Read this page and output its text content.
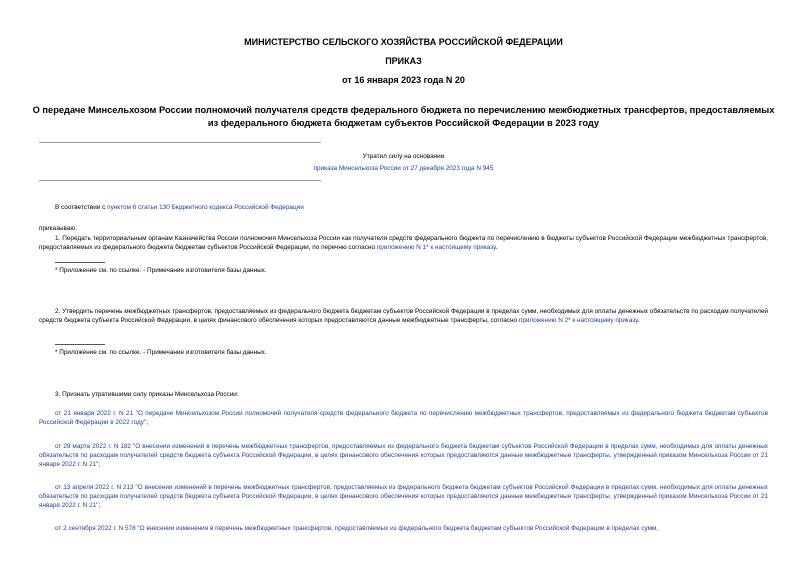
МИНИСТЕРСТВО СЕЛЬСКОГО ХОЗЯЙСТВА РОССИЙСКОЙ ФЕДЕРАЦИИ
ПРИКАЗ
от 16 января 2023 года N 20
О передаче Минсельхозом России полномочий получателя средств федерального бюджета по перечислению межбюджетных трансфертов, предоставляемых из федерального бюджета бюджетам субъектов Российской Федерации в 2023 году
Утратил силу на основании
приказа Минсельхоза России от 27 декабря 2023 года N 945
В соответствии с пунктом 6 статьи 130 Бюджетного кодекса Российской Федерации
приказываю:
1. Передать территориальным органам Казначейства России полномочия Минсельхоза России как получателя средств федерального бюджета по перечислению в бюджеты субъектов Российской Федерации межбюджетных трансфертов, предоставляемых из федерального бюджета бюджетам субъектов Российской Федерации, по перечню согласно приложению N 1* к настоящему приказу.
* Приложение см. по ссылке. - Примечание изготовителя базы данных.
2. Утвердить перечень межбюджетных трансфертов, предоставляемых из федерального бюджета бюджетам субъектов Российской Федерации в пределах сумм, необходимых для оплаты денежных обязательств по расходам получателей средств бюджета субъекта Российской Федерации, в целях финансового обеспечения которых предоставляются данные межбюджетные трансферты, согласно приложению N 2* к настоящему приказу.
* Приложение см. по ссылке. - Примечание изготовителя базы данных.
3. Признать утратившими силу приказы Минсельхоза России:
от 21 января 2022 г. N 21 "О передаче Минсельхозом России полномочий получателя средств федерального бюджета по перечислению межбюджетных трансфертов, предоставляемых из федерального бюджета бюджетам субъектов Российской Федерации в 2022 году";
от 29 марта 2022 г. N 182 "О внесении изменений в перечень межбюджетных трансфертов, предоставляемых из федерального бюджета бюджетам субъектов Российской Федерации в пределах сумм, необходимых для оплаты денежных обязательств по расходам получателей средств бюджета субъекта Российской Федерации, в целях финансового обеспечения которых предоставляются данные межбюджетные трансферты, утвержденный приказом Минсельхоза России от 21 января 2022 г. N 21";
от 13 апреля 2022 г. N 213 "О внесении изменений в перечень межбюджетных трансфертов, предоставляемых из федерального бюджета бюджетам субъектов Российской Федерации в пределах сумм, необходимых для оплаты денежных обязательств по расходам получателей средств бюджета субъекта Российской Федерации, в целях финансового обеспечения которых предоставляются данные межбюджетные трансферты, утвержденный приказом Минсельхоза России от 21 января 2022 г. N 21";
от 2 сентября 2022 г. N 578 "О внесении изменения в перечень межбюджетных трансфертов, предоставляемых из федерального бюджета бюджетам субъектов Российской Федерации в пределах сумм,
